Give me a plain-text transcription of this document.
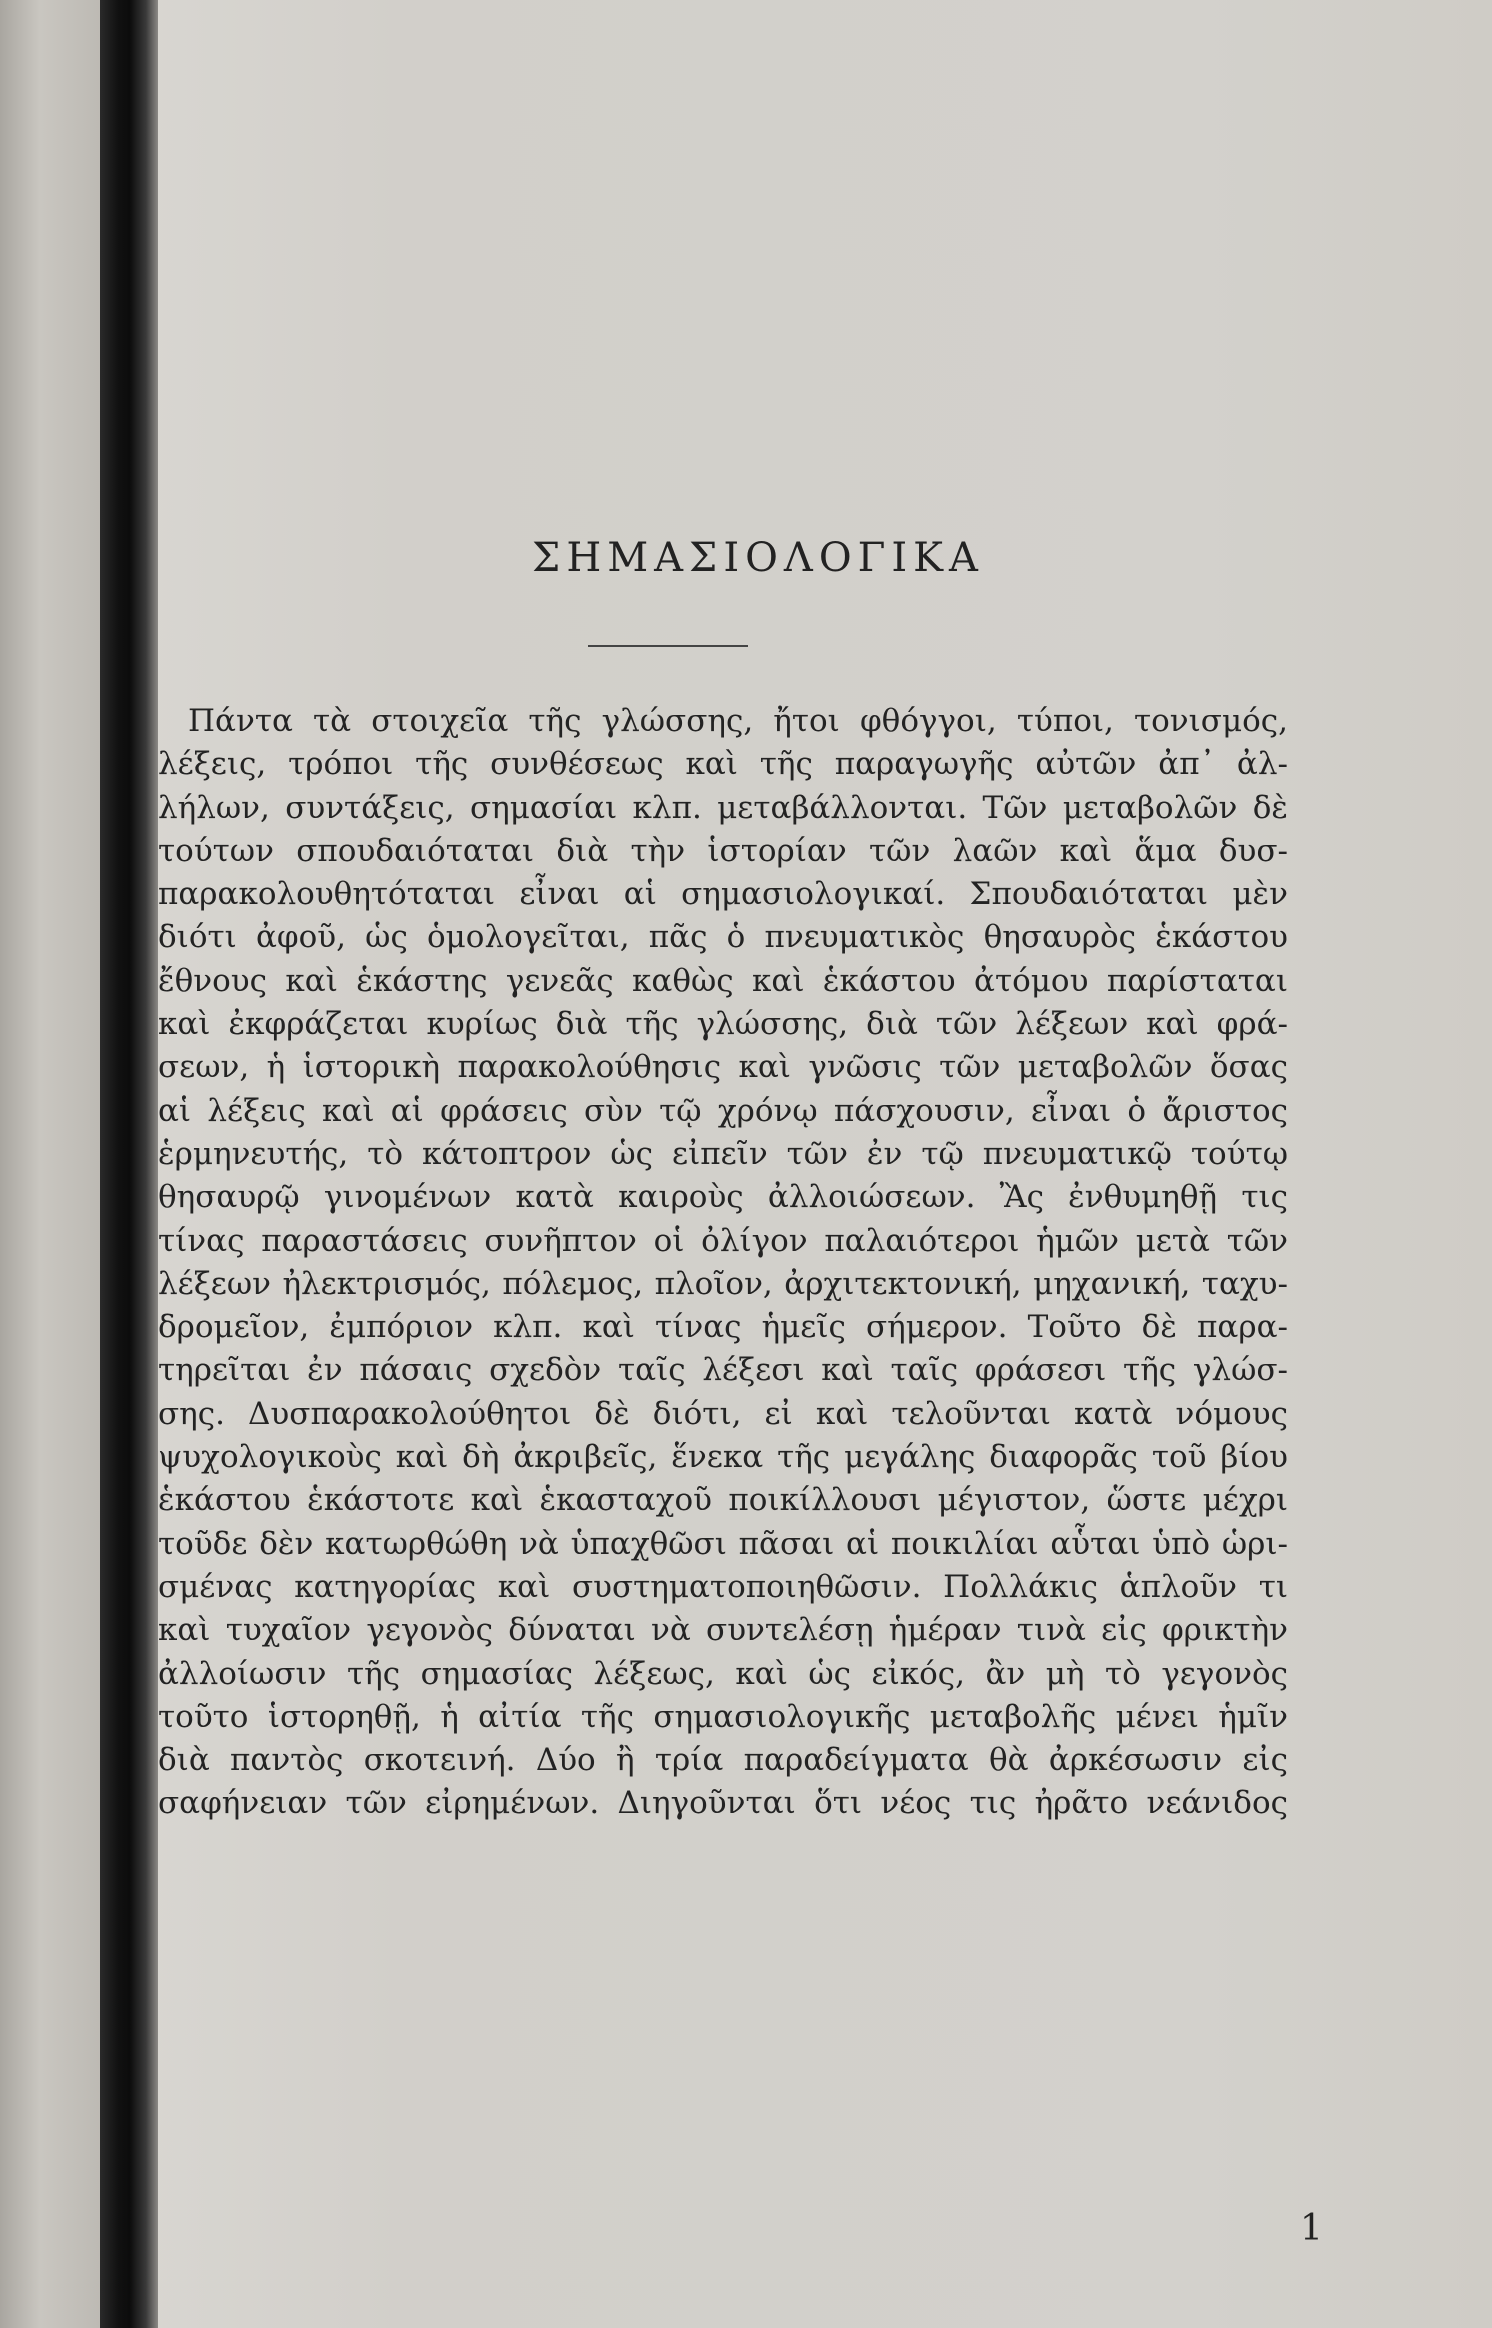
ΣΗΜΑΣΙΟΛΟΓΙΚΑ
Πάντα τὰ στοιχεῖα τῆς γλώσσης, ἤτοι φθόγγοι, τύποι, τονισμός,
λέξεις, τρόποι τῆς συνθέσεως καὶ τῆς παραγωγῆς αὐτῶν ἀπ᾽ ἀλ-
λήλων, συντάξεις, σημασίαι κλπ. μεταβάλλονται. Τῶν μεταβολῶν δὲ
τούτων σπουδαιόταται διὰ τὴν ἱστορίαν τῶν λαῶν καὶ ἅμα δυσ-
παρακολουθητόταται εἶναι αἱ σημασιολογικαί. Σπουδαιόταται μὲν
διότι ἀφοῦ, ὡς ὁμολογεῖται, πᾶς ὁ πνευματικὸς θησαυρὸς ἑκάστου
ἔθνους καὶ ἑκάστης γενεᾶς καθὼς καὶ ἑκάστου ἀτόμου παρίσταται
καὶ ἐκφράζεται κυρίως διὰ τῆς γλώσσης, διὰ τῶν λέξεων καὶ φρά-
σεων, ἡ ἱστορικὴ παρακολούθησις καὶ γνῶσις τῶν μεταβολῶν ὅσας
αἱ λέξεις καὶ αἱ φράσεις σὺν τῷ χρόνῳ πάσχουσιν, εἶναι ὁ ἄριστος
ἑρμηνευτής, τὸ κάτοπτρον ὡς εἰπεῖν τῶν ἐν τῷ πνευματικῷ τούτῳ
θησαυρῷ γινομένων κατὰ καιροὺς ἀλλοιώσεων. Ἂς ἐνθυμηθῇ τις
τίνας παραστάσεις συνῆπτον οἱ ὀλίγον παλαιότεροι ἡμῶν μετὰ τῶν
λέξεων ἠλεκτρισμός, πόλεμος, πλοῖον, ἀρχιτεκτονική, μηχανική, ταχυ-
δρομεῖον, ἐμπόριον κλπ. καὶ τίνας ἡμεῖς σήμερον. Τοῦτο δὲ παρα-
τηρεῖται ἐν πάσαις σχεδὸν ταῖς λέξεσι καὶ ταῖς φράσεσι τῆς γλώσ-
σης. Δυσπαρακολούθητοι δὲ διότι, εἰ καὶ τελοῦνται κατὰ νόμους
ψυχολογικοὺς καὶ δὴ ἀκριβεῖς, ἕνεκα τῆς μεγάλης διαφορᾶς τοῦ βίου
ἑκάστου ἑκάστοτε καὶ ἑκασταχοῦ ποικίλλουσι μέγιστον, ὥστε μέχρι
τοῦδε δὲν κατωρθώθη νὰ ὑπαχθῶσι πᾶσαι αἱ ποικιλίαι αὗται ὑπὸ ὡρι-
σμένας κατηγορίας καὶ συστηματοποιηθῶσιν. Πολλάκις ἁπλοῦν τι
καὶ τυχαῖον γεγονὸς δύναται νὰ συντελέσῃ ἡμέραν τινὰ εἰς φρικτὴν
ἀλλοίωσιν τῆς σημασίας λέξεως, καὶ ὡς εἰκός, ἂν μὴ τὸ γεγονὸς
τοῦτο ἱστορηθῇ, ἡ αἰτία τῆς σημασιολογικῆς μεταβολῆς μένει ἡμῖν
διὰ παντὸς σκοτεινή. Δύο ἢ τρία παραδείγματα θὰ ἀρκέσωσιν εἰς
σαφήνειαν τῶν εἰρημένων. Διηγοῦνται ὅτι νέος τις ἠρᾶτο νεάνιδος
1
